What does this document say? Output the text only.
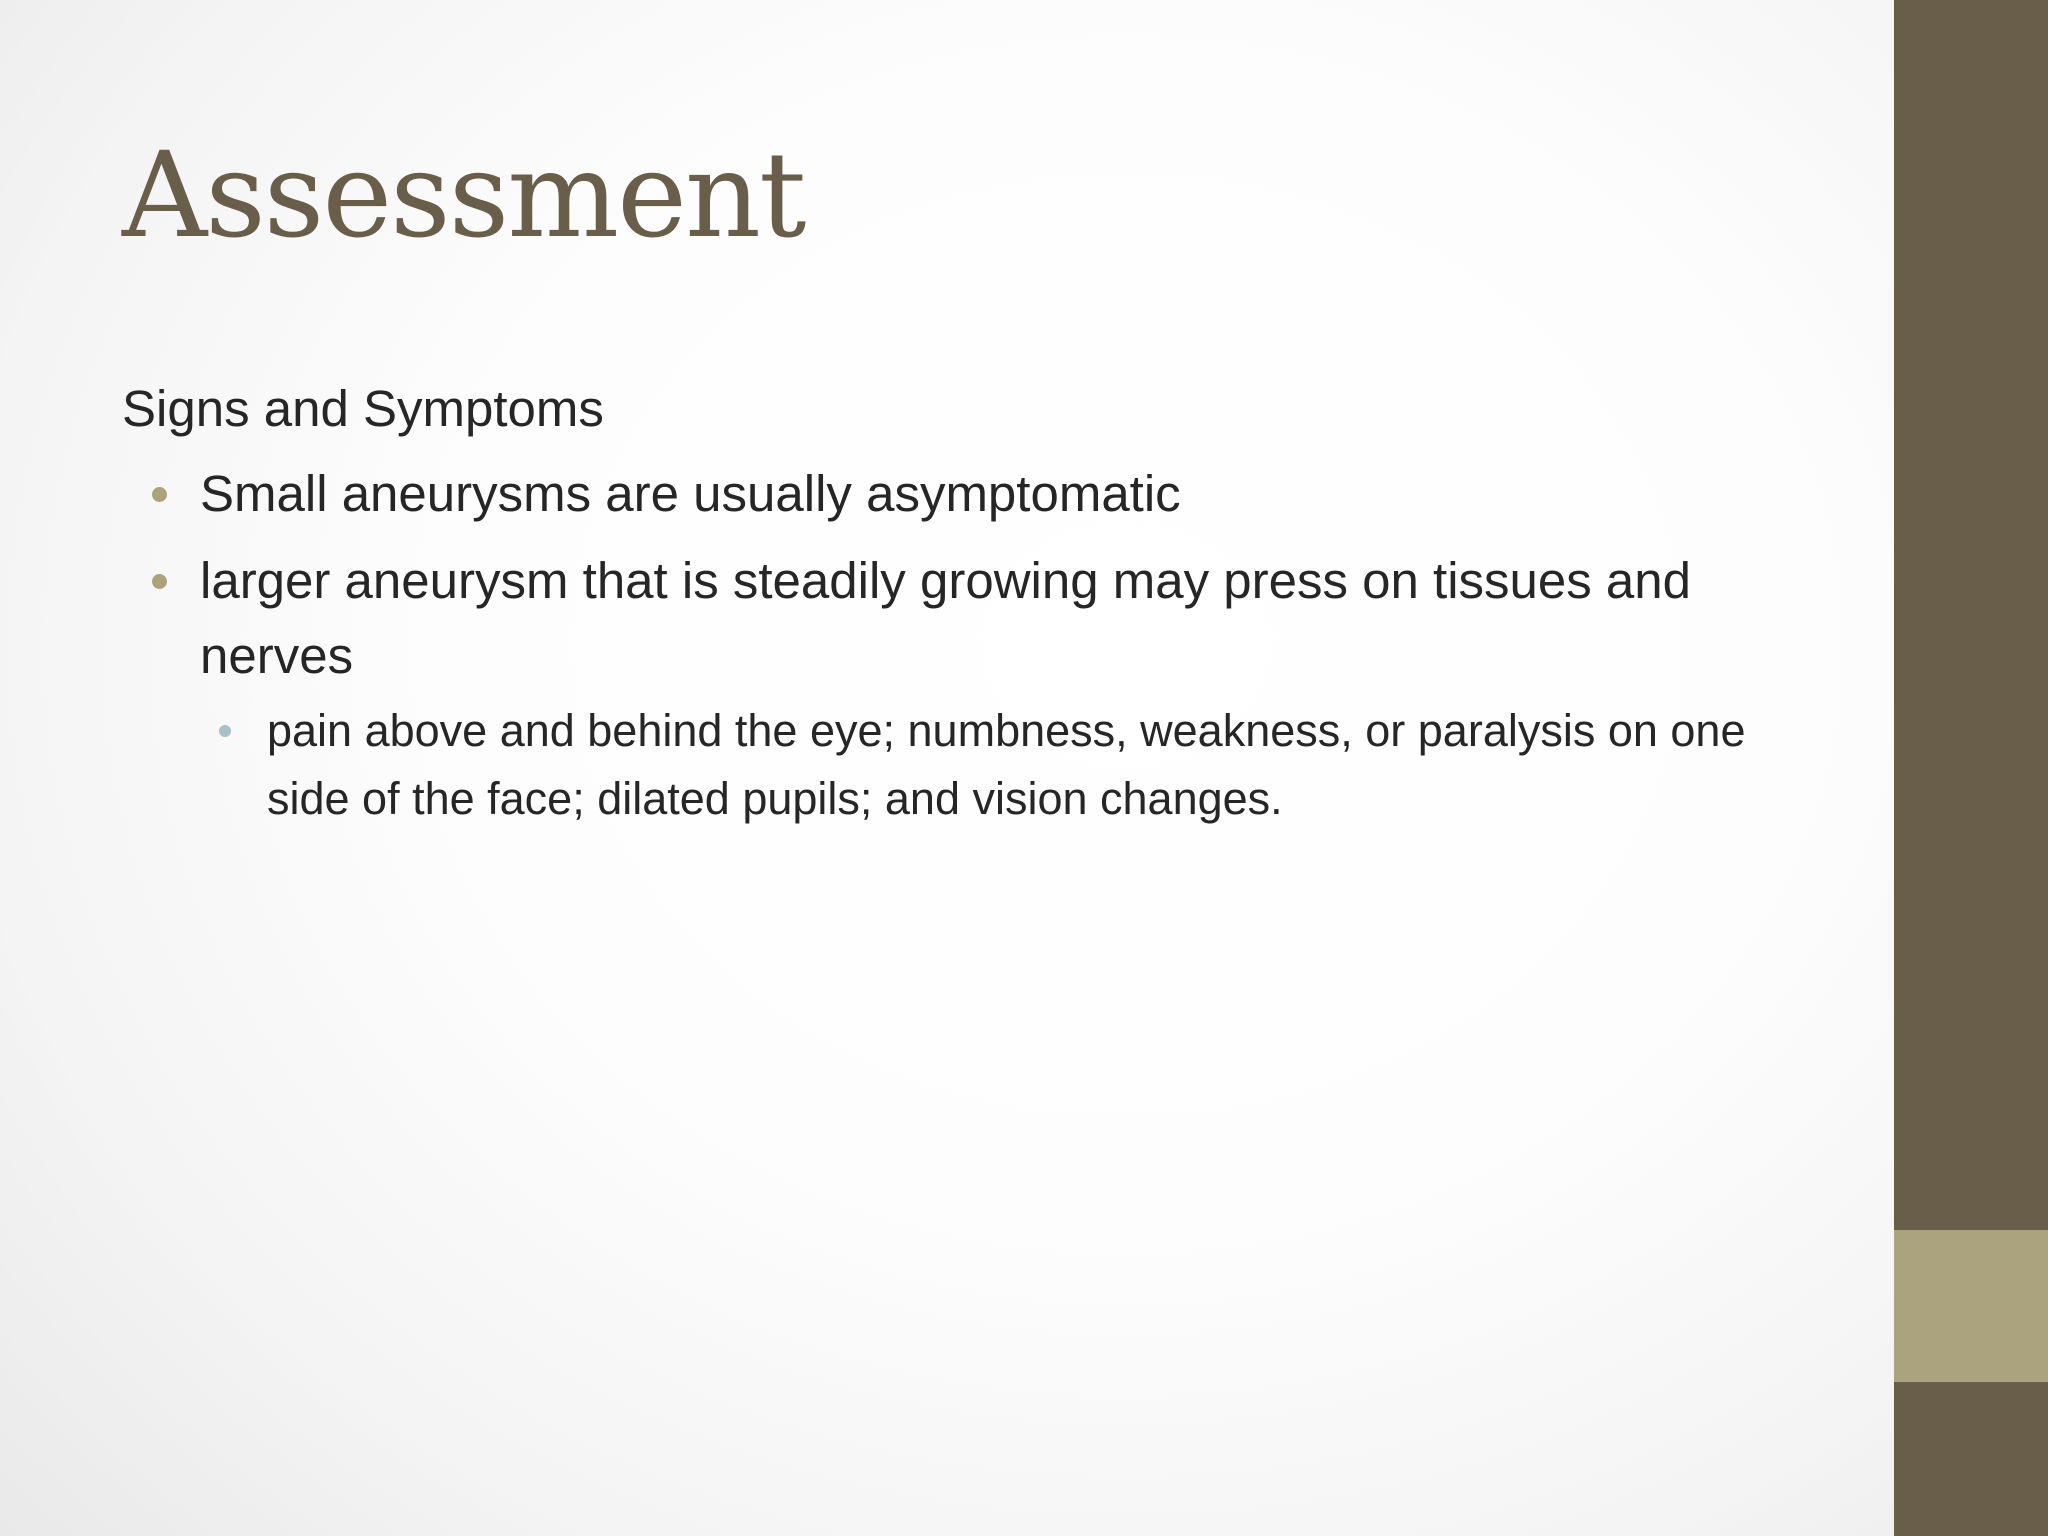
Assessment

Signs and Symptoms

Small aneurysms are usually asymptomatic
larger aneurysm that is steadily growing may press on tissues and nerves
pain above and behind the eye; numbness, weakness, or paralysis on one side of the face; dilated pupils; and vision changes.
